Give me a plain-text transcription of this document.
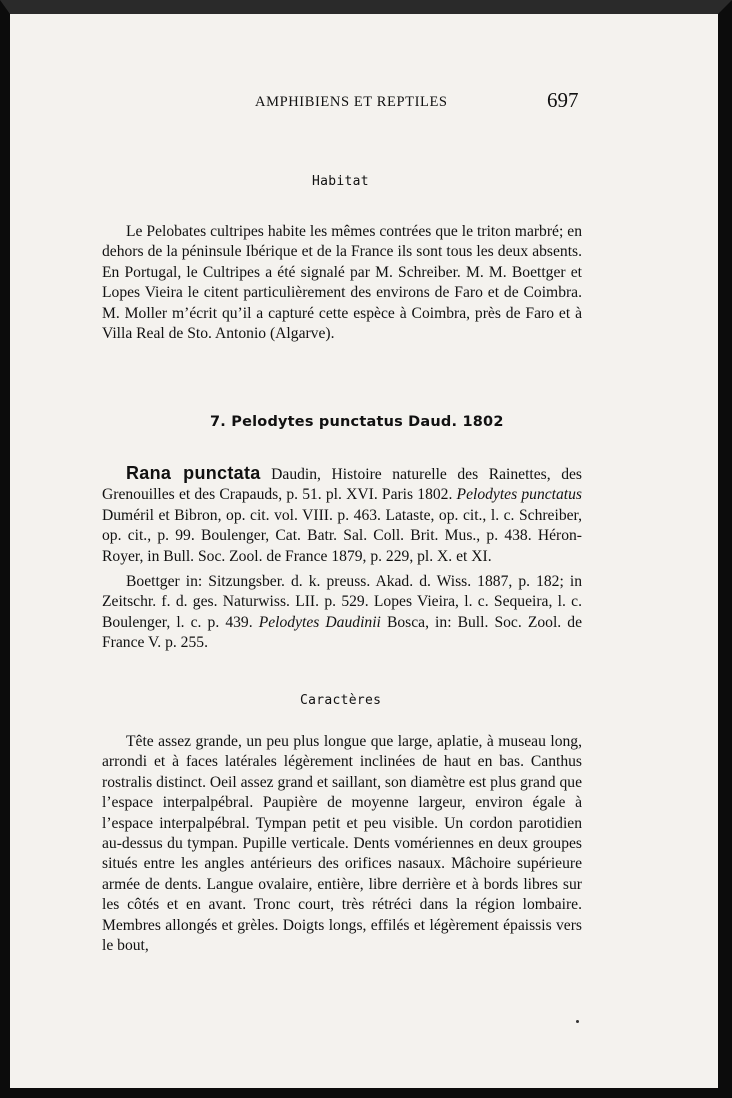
AMPHIBIENS ET REPTILES	697
Habitat

Le Pelobates cultripes habite les mêmes contrées que le triton marbré; en dehors de la péninsule Ibérique et de la France ils sont tous les deux absents. En Portugal, le Cultripes a été signalé par M. Schreiber. M. M. Boettger et Lopes Vieira le citent particulièrement des environs de Faro et de Coimbra. M. Moller m’écrit qu’il a capturé cette espèce à Coimbra, près de Faro et à Villa Real de Sto. Antonio (Algarve).

7. Pelodytes punctatus Daud. 1802

Rana punctata Daudin, Histoire naturelle des Rainettes, des Grenouilles et des Crapauds, p. 51. pl. XVI. Paris 1802. Pelodytes punctatus Duméril et Bibron, op. cit. vol. VIII. p. 463. Lataste, op. cit., l. c. Schreiber, op. cit., p. 99. Boulenger, Cat. Batr. Sal. Coll. Brit. Mus., p. 438. Héron-Royer, in Bull. Soc. Zool. de France 1879, p. 229, pl. X. et XI.

Boettger in: Sitzungsber. d. k. preuss. Akad. d. Wiss. 1887, p. 182; in Zeitschr. f. d. ges. Naturwiss. LII. p. 529. Lopes Vieira, l. c. Sequeira, l. c. Boulenger, l. c. p. 439. Pelodytes Daudinii Bosca, in: Bull. Soc. Zool. de France V. p. 255.

Caractères

Tête assez grande, un peu plus longue que large, aplatie, à museau long, arrondi et à faces latérales légèrement inclinées de haut en bas. Canthus rostralis distinct. Oeil assez grand et saillant, son diamètre est plus grand que l’espace interpalpébral. Paupière de moyenne largeur, environ égale à l’espace interpalpébral. Tympan petit et peu visible. Un cordon parotidien au-dessus du tympan. Pupille verticale. Dents vomériennes en deux groupes situés entre les angles antérieurs des orifices nasaux. Mâchoire supérieure armée de dents. Langue ovalaire, entière, libre derrière et à bords libres sur les côtés et en avant. Tronc court, très rétréci dans la région lombaire. Membres allongés et grèles. Doigts longs, effilés et légèrement épaissis vers le bout,
